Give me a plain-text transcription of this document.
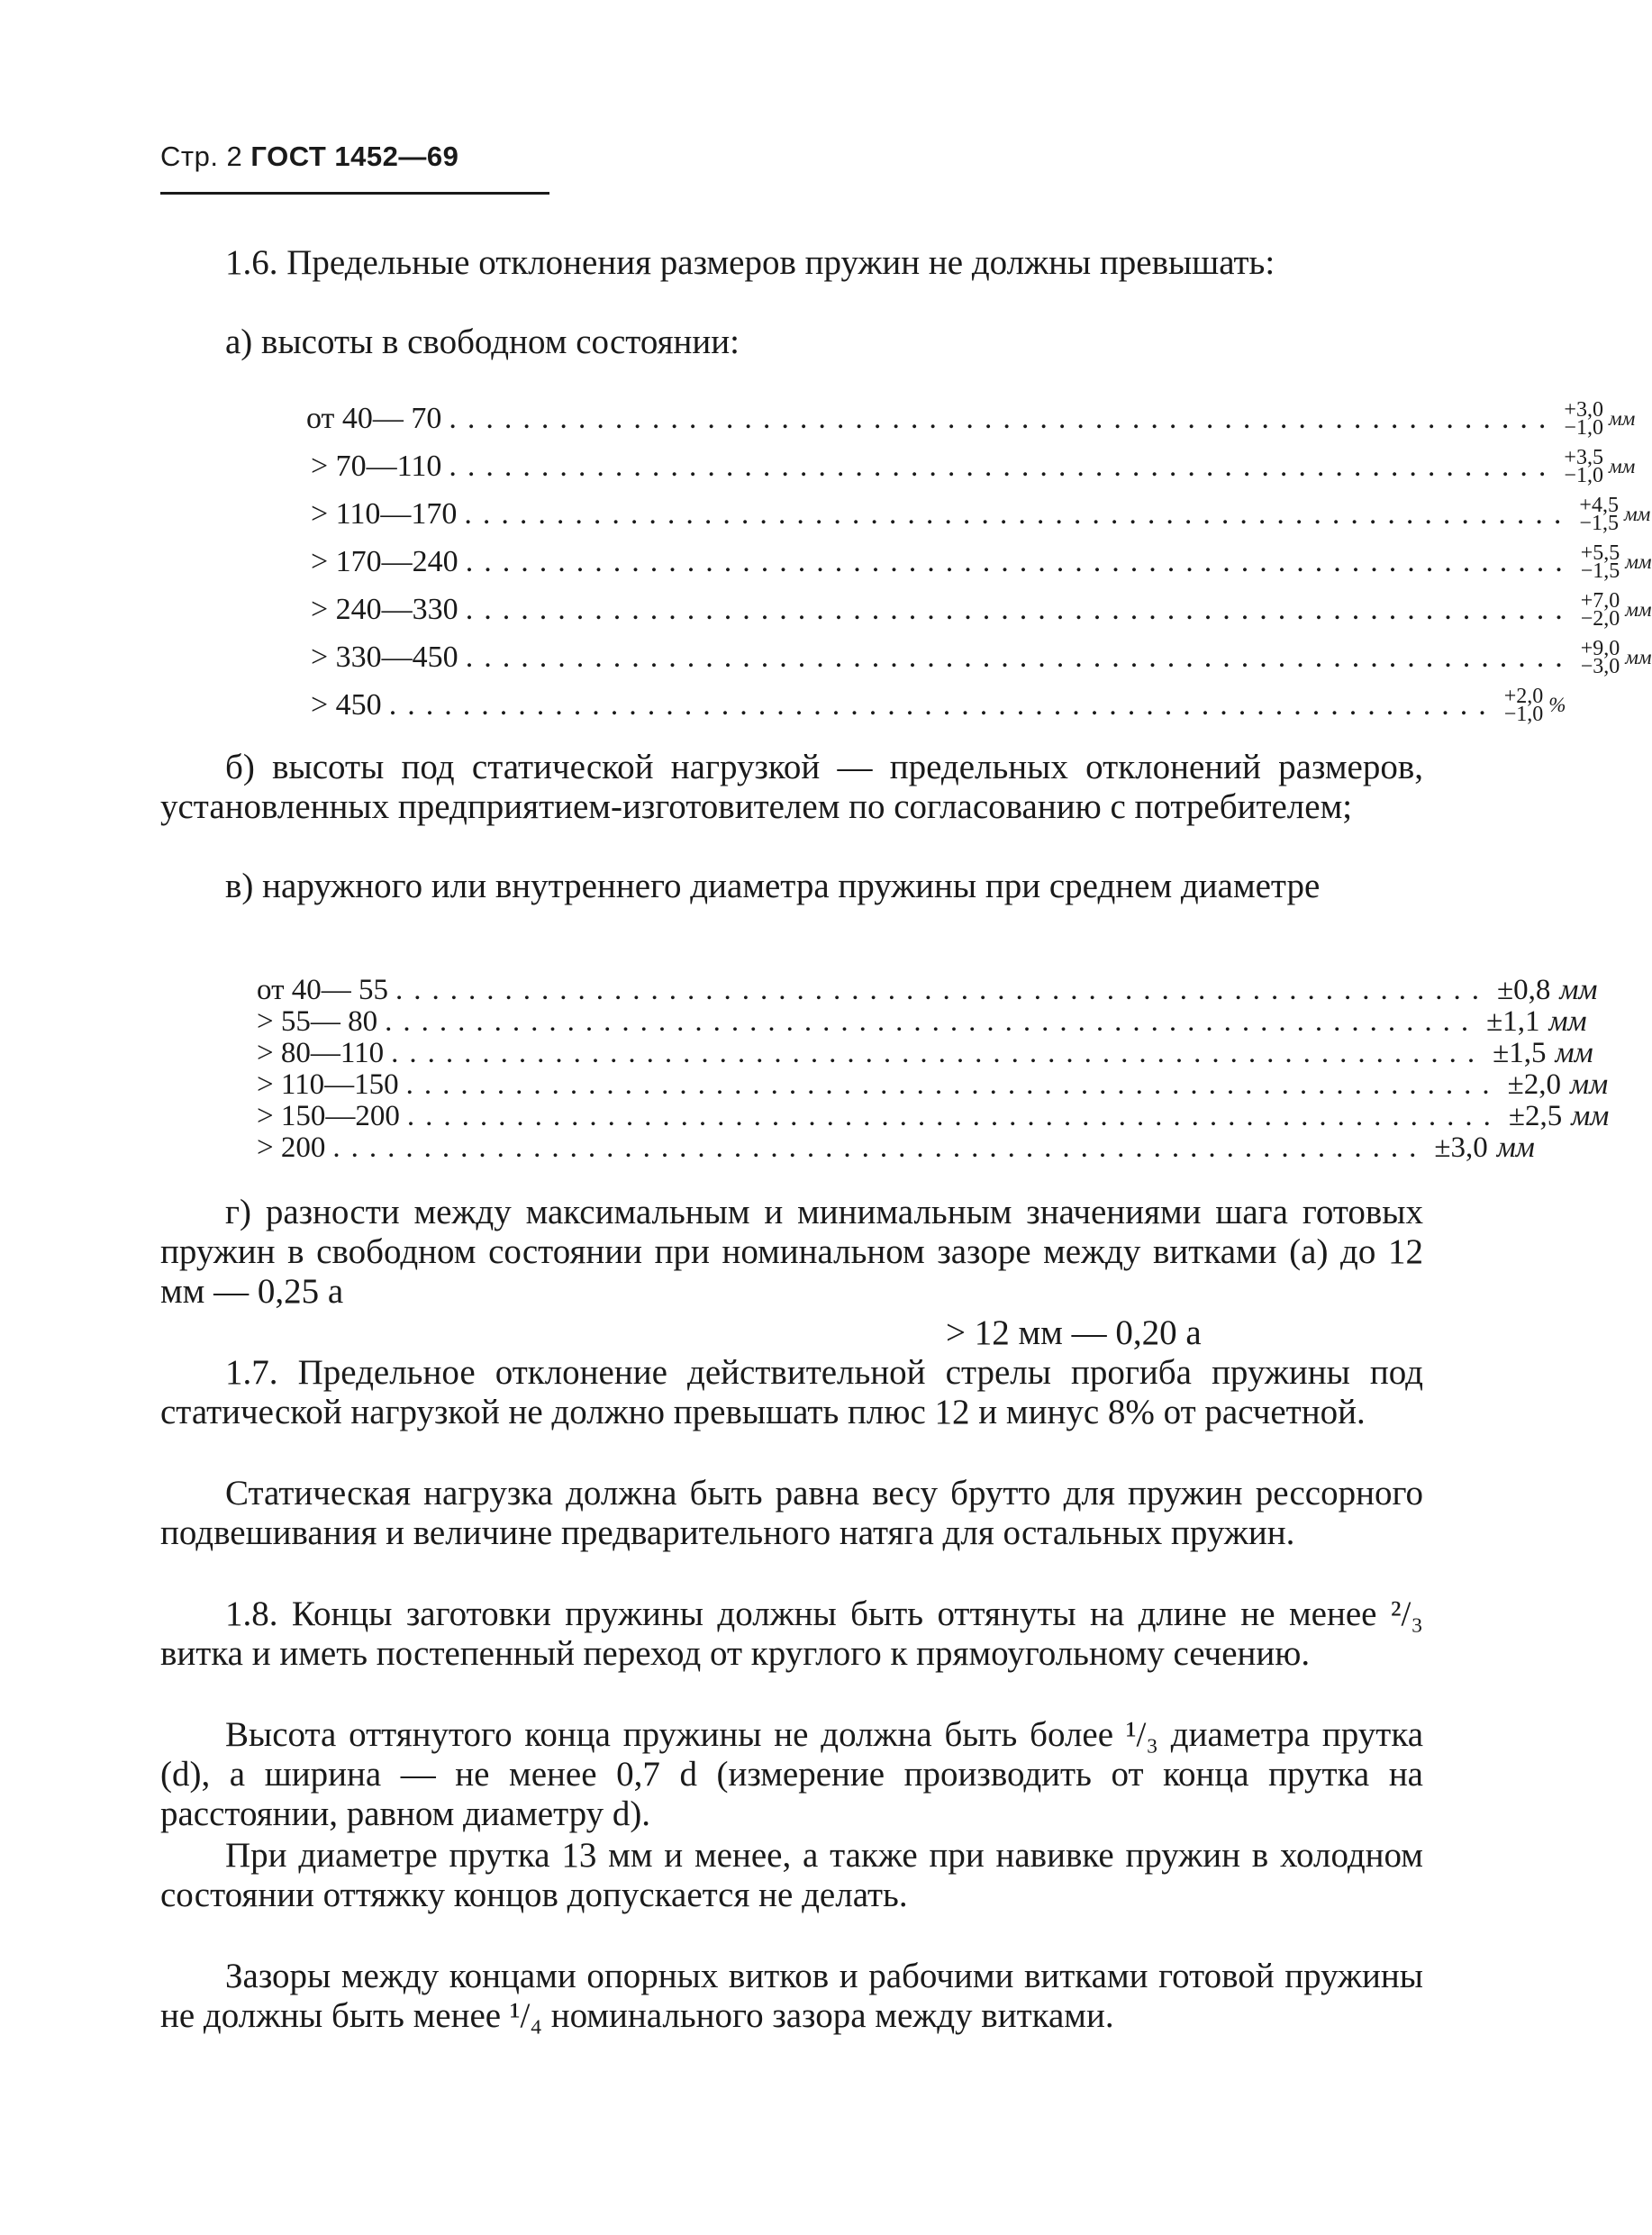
Стр. 2 ГОСТ 1452—69

1.6. Предельные отклонения размеров пружин не должны превышать:

а) высоты в свободном состоянии:

от 40— 70 ............................................................ +3,0
−1,0 мм
> 70—110 ............................................................ +3,5
−1,0 мм
> 110—170 ............................................................ +4,5
−1,5 мм
> 170—240 ............................................................ +5,5
−1,5 мм
> 240—330 ............................................................ +7,0
−2,0 мм
> 330—450 ............................................................ +9,0
−3,0 мм
> 450 ............................................................ +2,0
−1,0 %

б) высоты под статической нагрузкой — предельных отклонений размеров, установленных предприятием-изготовителем по согласованию с потребителем;

в) наружного или внутреннего диаметра пружины при среднем диаметре

от 40— 55 ............................................................ ±0,8 мм
> 55— 80 ............................................................ ±1,1 мм
> 80—110 ............................................................ ±1,5 мм
> 110—150 ............................................................ ±2,0 мм
> 150—200 ............................................................ ±2,5 мм
> 200 ............................................................ ±3,0 мм

г) разности между максимальным и минимальным значениями шага готовых пружин в свободном состоянии при номинальном зазоре между витками (a) до 12 мм — 0,25 a

> 12 мм — 0,20 a

1.7. Предельное отклонение действительной стрелы прогиба пружины под статической нагрузкой не должно превышать плюс 12 и минус 8% от расчетной.

Статическая нагрузка должна быть равна весу брутто для пружин рессорного подвешивания и величине предварительного натяга для остальных пружин.

1.8. Концы заготовки пружины должны быть оттянуты на длине не менее ²/₃ витка и иметь постепенный переход от круглого к прямоугольному сечению.

Высота оттянутого конца пружины не должна быть более ¹/₃ диаметра прутка (d), а ширина — не менее 0,7 d (измерение производить от конца прутка на расстоянии, равном диаметру d).

При диаметре прутка 13 мм и менее, а также при навивке пружин в холодном состоянии оттяжку концов допускается не делать.

Зазоры между концами опорных витков и рабочими витками готовой пружины не должны быть менее ¹/₄ номинального зазора между витками.
